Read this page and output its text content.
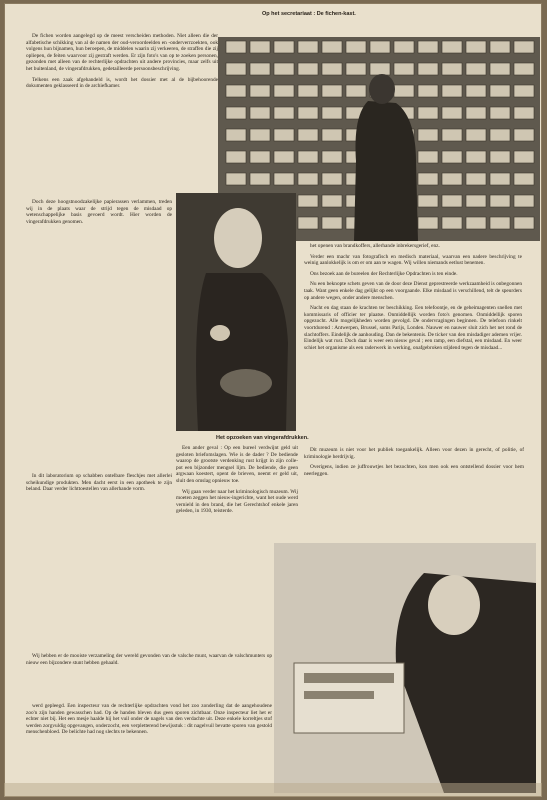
De fichen worden aangelegd op de meest verscheiden methoden. Niet alleen die der alfabetische schikking van al de namen der oud-veroordeelden en -onderverrzoekten, ook volgens hun bijnamen, hun beroepen, de middelen waarin zij verkeeren, de straffen die zij opliepen, de feiten waarvoor zij gestraft werden. Er zijn foto's van op te zoeken personen, gezonden met alleen van de rechterlijke opdrachten uit andere provincies, maar zelfs uit het buitenland, de vingerafdrukken, gedetailleerde persoonsbeschrijving.

Telkens een zaak afgehandeld is, wordt het dossier met al de bijbehoorende dokumenten geklasseerd in de archiefkamer.

Op het secretariaat : De fichen-kast.
Het opzoeken van vingerafdrukken.

Doch deze hoogstnoodzakelijke papierassen verlammen, treden wij in de plaats waar de strijd tegen de misdaad op wetenschappelijke basis gevoerd wordt. Hier worden de vingerafdrukken genomen.

In dit laboratorium op schabben ontelbare fleschjes met allerlei scheikundige produkten. Men dacht eerst in een apotheek te zijn beland. Daar verder lichttoestellen van allerhande vorm.

Een ander geval : Op een bureel verdwijnt geld uit gesloten briefomslagen. Wie is de dader ? De bediende waarop de grootste verdenking rust krijgt in zijn colle-pot een bijzonder mengsel lijm. De bediende, die geen argwaan koestert, opent de brieven, neemt er geld uit, sluit den omslag opnieuw toe.

Wij gaan verder naar het kriminologisch muzeum. Wij moeten zeggen het nieuw-ingerichte, want het oude werd vernield in den brand, die het Gerechtshof enkele jaren geleden, in 1930, teisterde.

het openen van brandkoffers, allerhande inbrekersgerief, enz.

Verder een machr van fotografisch en medisch materiaal, waarvan een nadere beschrijving te weinig aanlokkelijk is om er om aan te wagen. Wij willen niemands eetlust benemen.

Ons bezoek aan de bureelen der Rechterlijke Opdrachten is ten einde.

Nu een beknopte schets geven van de door deze Dienst geprestreerde werkzaamheid is onbegonnen taak. Want geen enkele dag gelijkt op een voorgaande. Elke misdaad is verschillend, telt de speurders op andere wegen, onder andere menschen.

Nacht en dag staan de krachten ter beschikking. Een telefoontje, en de geheimagenten snellen met kommissaris of officier ter plaatse. Onmiddellijk worden foto's genomen. Onmiddellijk sporen opgezocht. Alle mogelijkheden worden gevolgd. De ondervragingen beginnen. De telefoon rinkelt voortdurend : Antwerpen, Brussel, soms Parijs, Londen. Nauwer en nauwer sluit zich het net rond de slachtoffers. Eindelijk de aanhouding. Dan de bekentenis. De ticker van den misdadiger ademen vrijer. Eindelijk wat rust. Doch daar is weer een nieuw geval ; een ramp, een diefstal, een misdaad. En weer schiet het organisme als een raderwerk in werking, onafgebroken stijdend tegen de misdaad...

Dit muzeum is niet voor het publiek toegankelijk. Alleen voor dezen in gerecht, of politie, of kriminologie herdrijvig.

Overigens, indien ze juffrouwtjes het bezochten, kon men ook een ontstellend dossier voor hem neerleggen.

werd gepleegd. Een inspecteur van de rechterlijke opdrachten vond het zoo zonderling dat de aangehoudene zoo'n zijn handen gewasschen had. Op de handen bleven dus geen sporen zichtbaar. Onze inspecteur liet het er echter niet bij. Het een mesje haalde hij het vuil onder de nagels van den verdachte uit. Deze enkele korreltjes stof werden zorgvuldig opgevangen, onderzocht, een verpletterend bewijsstuk : dit nagelvuil bevatte sporen van gestold menschenbloed. De belichte had nog slechts te bekennen.

Wij hebben er de mooiste verzameling der wereld gevonden van de valsche munt, waarvan de valschmunters op nieuw een bijzondere stunt hebben gehaald.
